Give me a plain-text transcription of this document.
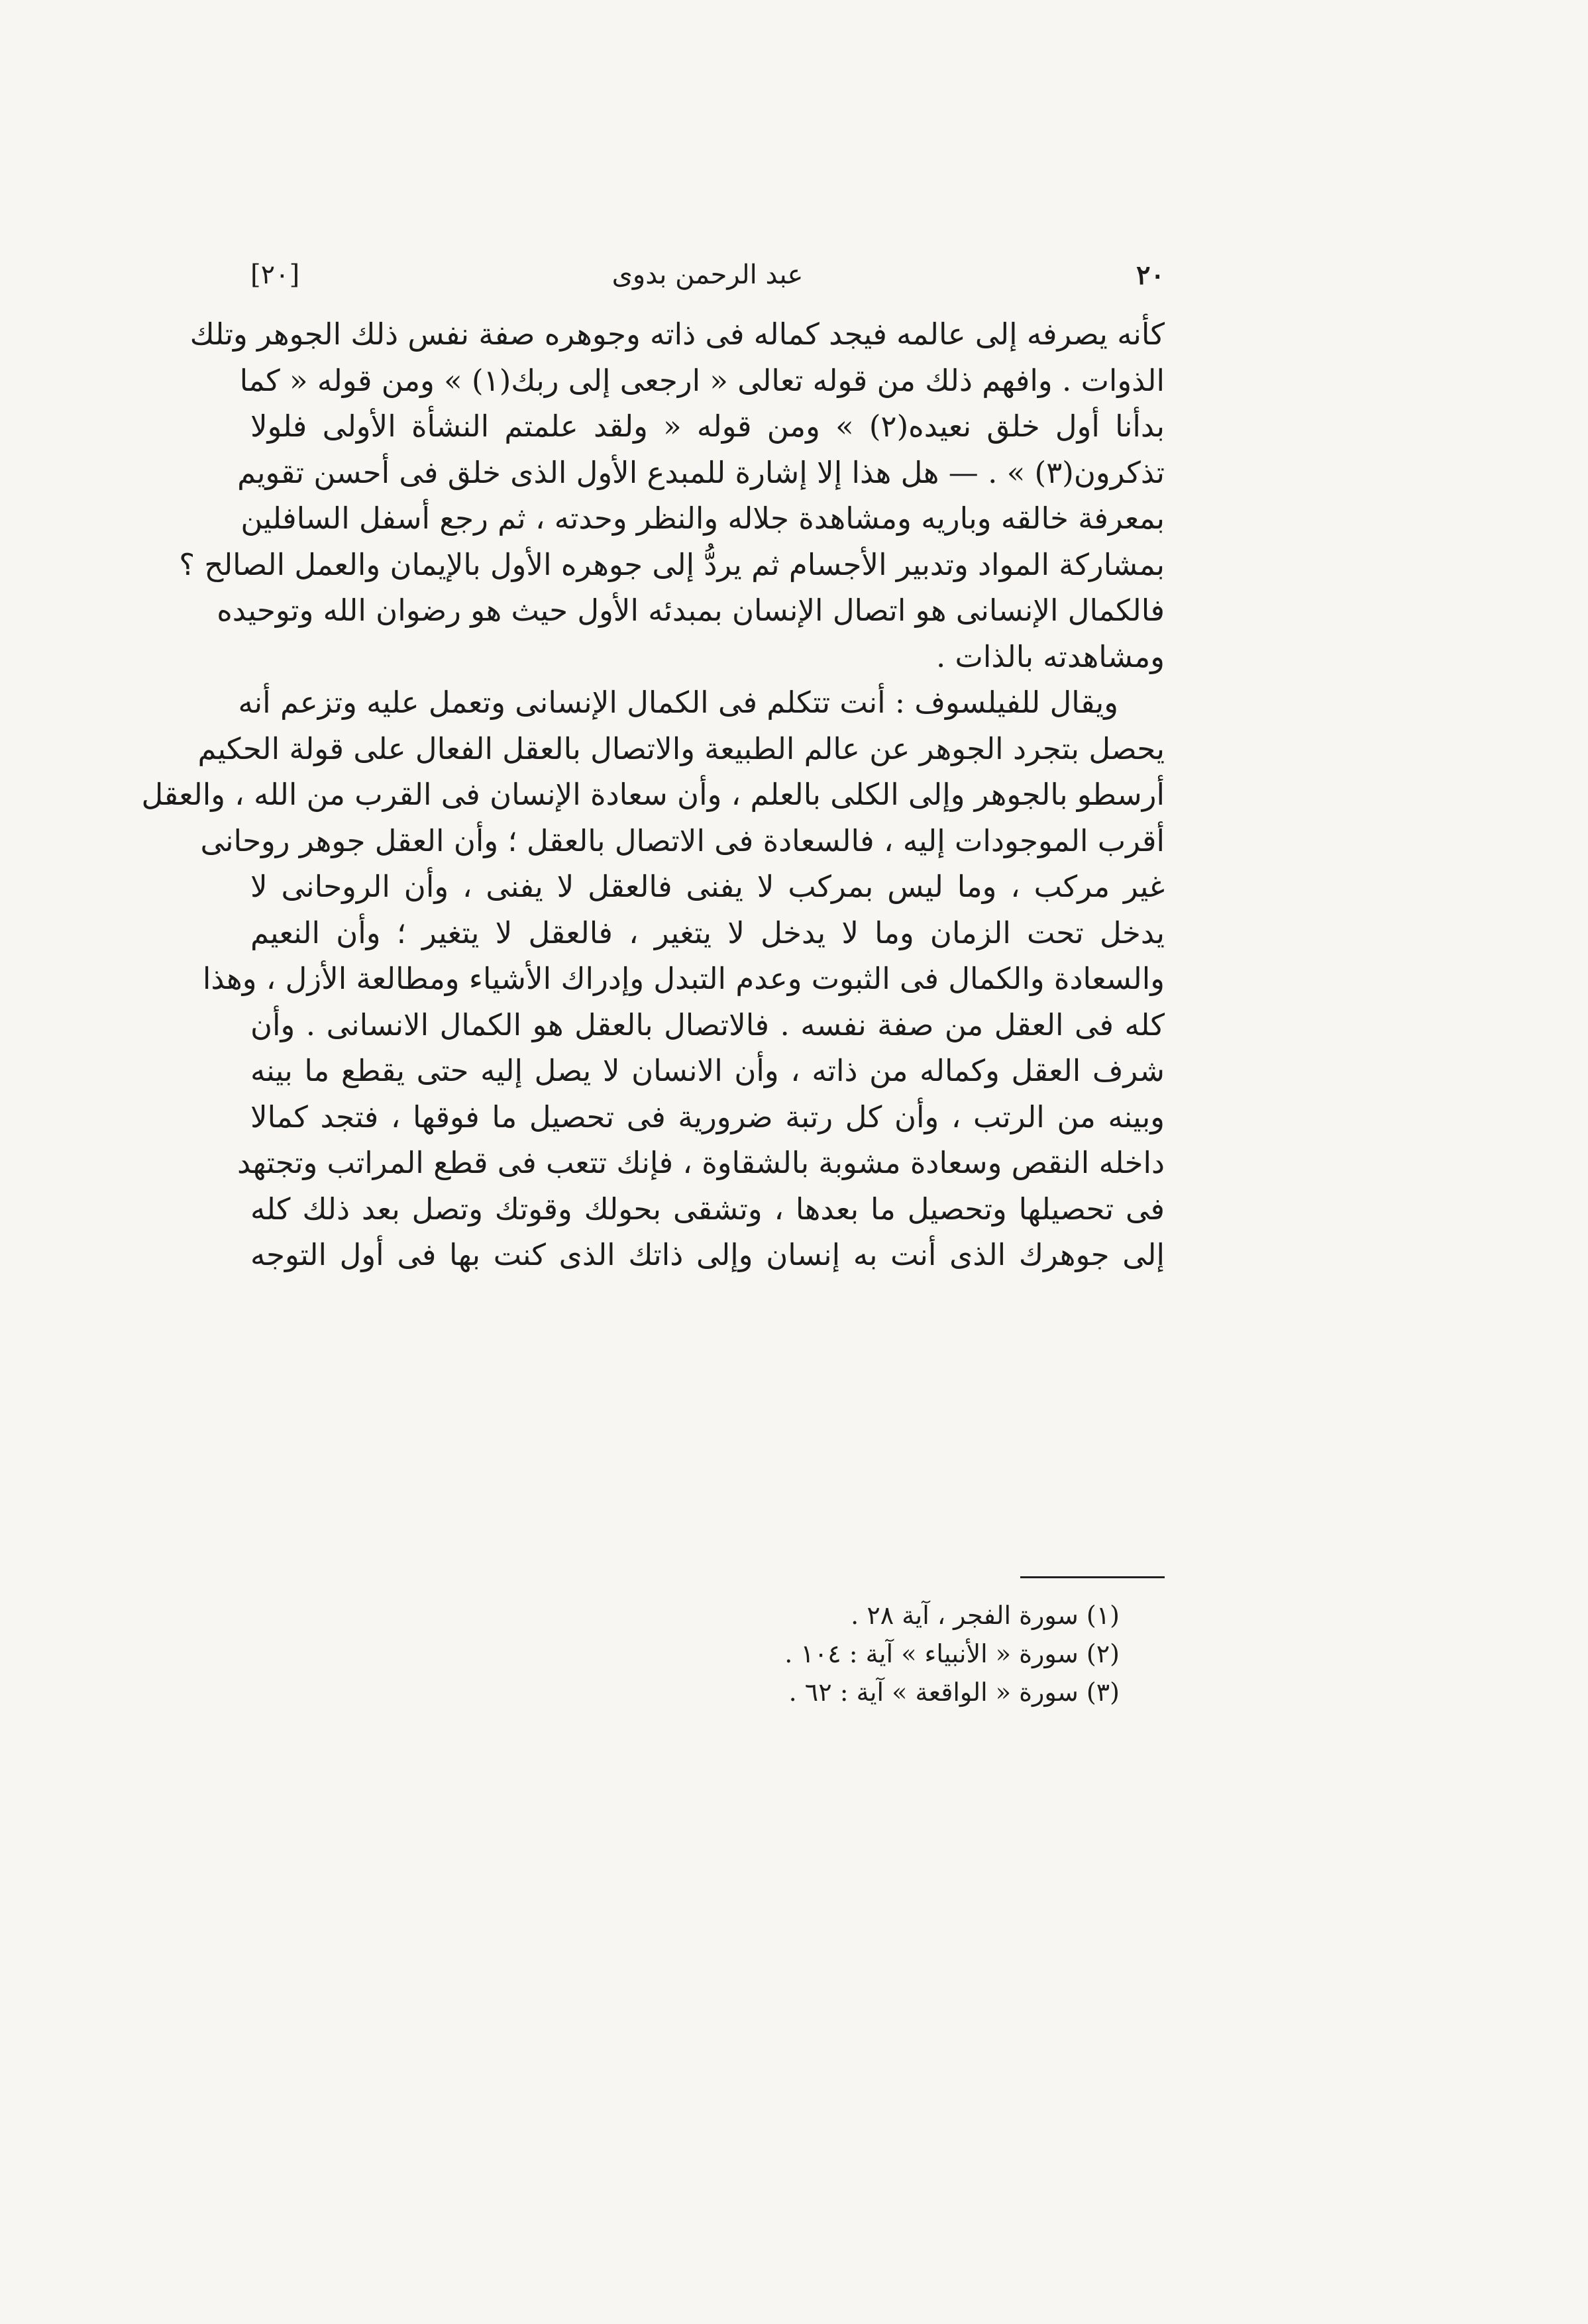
٢٠
عبد الرحمن بدوى
[٢٠]
كأنه يصرفه إلى عالمه فيجد كماله فى ذاته وجوهره صفة نفس ذلك الجوهر وتلك
الذوات . وافهم ذلك من قوله تعالى « ارجعى إلى ربك(١) » ومن قوله « كما
بدأنا أول خلق نعيده(٢) » ومن قوله « ولقد علمتم النشأة الأولى فلولا
تذكرون(٣) » . — هل هذا إلا إشارة للمبدع الأول الذى خلق فى أحسن تقويم
بمعرفة خالقه وباريه ومشاهدة جلاله والنظر وحدته ، ثم رجع أسفل السافلين
بمشاركة المواد وتدبير الأجسام ثم يردُّ إلى جوهره الأول بالإيمان والعمل الصالح ؟
فالكمال الإنسانى هو اتصال الإنسان بمبدئه الأول حيث هو رضوان الله وتوحيده
ومشاهدته بالذات .
ويقال للفيلسوف : أنت تتكلم فى الكمال الإنسانى وتعمل عليه وتزعم أنه
يحصل بتجرد الجوهر عن عالم الطبيعة والاتصال بالعقل الفعال على قولة الحكيم
أرسطو بالجوهر وإلى الكلى بالعلم ، وأن سعادة الإنسان فى القرب من الله ، والعقل
أقرب الموجودات إليه ، فالسعادة فى الاتصال بالعقل ؛ وأن العقل جوهر روحانى
غير مركب ، وما ليس بمركب لا يفنى فالعقل لا يفنى ، وأن الروحانى لا
يدخل تحت الزمان وما لا يدخل لا يتغير ، فالعقل لا يتغير ؛ وأن النعيم
والسعادة والكمال فى الثبوت وعدم التبدل وإدراك الأشياء ومطالعة الأزل ، وهذا
كله فى العقل من صفة نفسه . فالاتصال بالعقل هو الكمال الانسانى . وأن
شرف العقل وكماله من ذاته ، وأن الانسان لا يصل إليه حتى يقطع ما بينه
وبينه من الرتب ، وأن كل رتبة ضرورية فى تحصيل ما فوقها ، فتجد كمالا
داخله النقص وسعادة مشوبة بالشقاوة ، فإنك تتعب فى قطع المراتب وتجتهد
فى تحصيلها وتحصيل ما بعدها ، وتشقى بحولك وقوتك وتصل بعد ذلك كله
إلى جوهرك الذى أنت به إنسان وإلى ذاتك الذى كنت بها فى أول التوجه
(١) سورة الفجر ، آية ٢٨ .
(٢) سورة « الأنبياء » آية : ١٠٤ .
(٣) سورة « الواقعة » آية : ٦٢ .
